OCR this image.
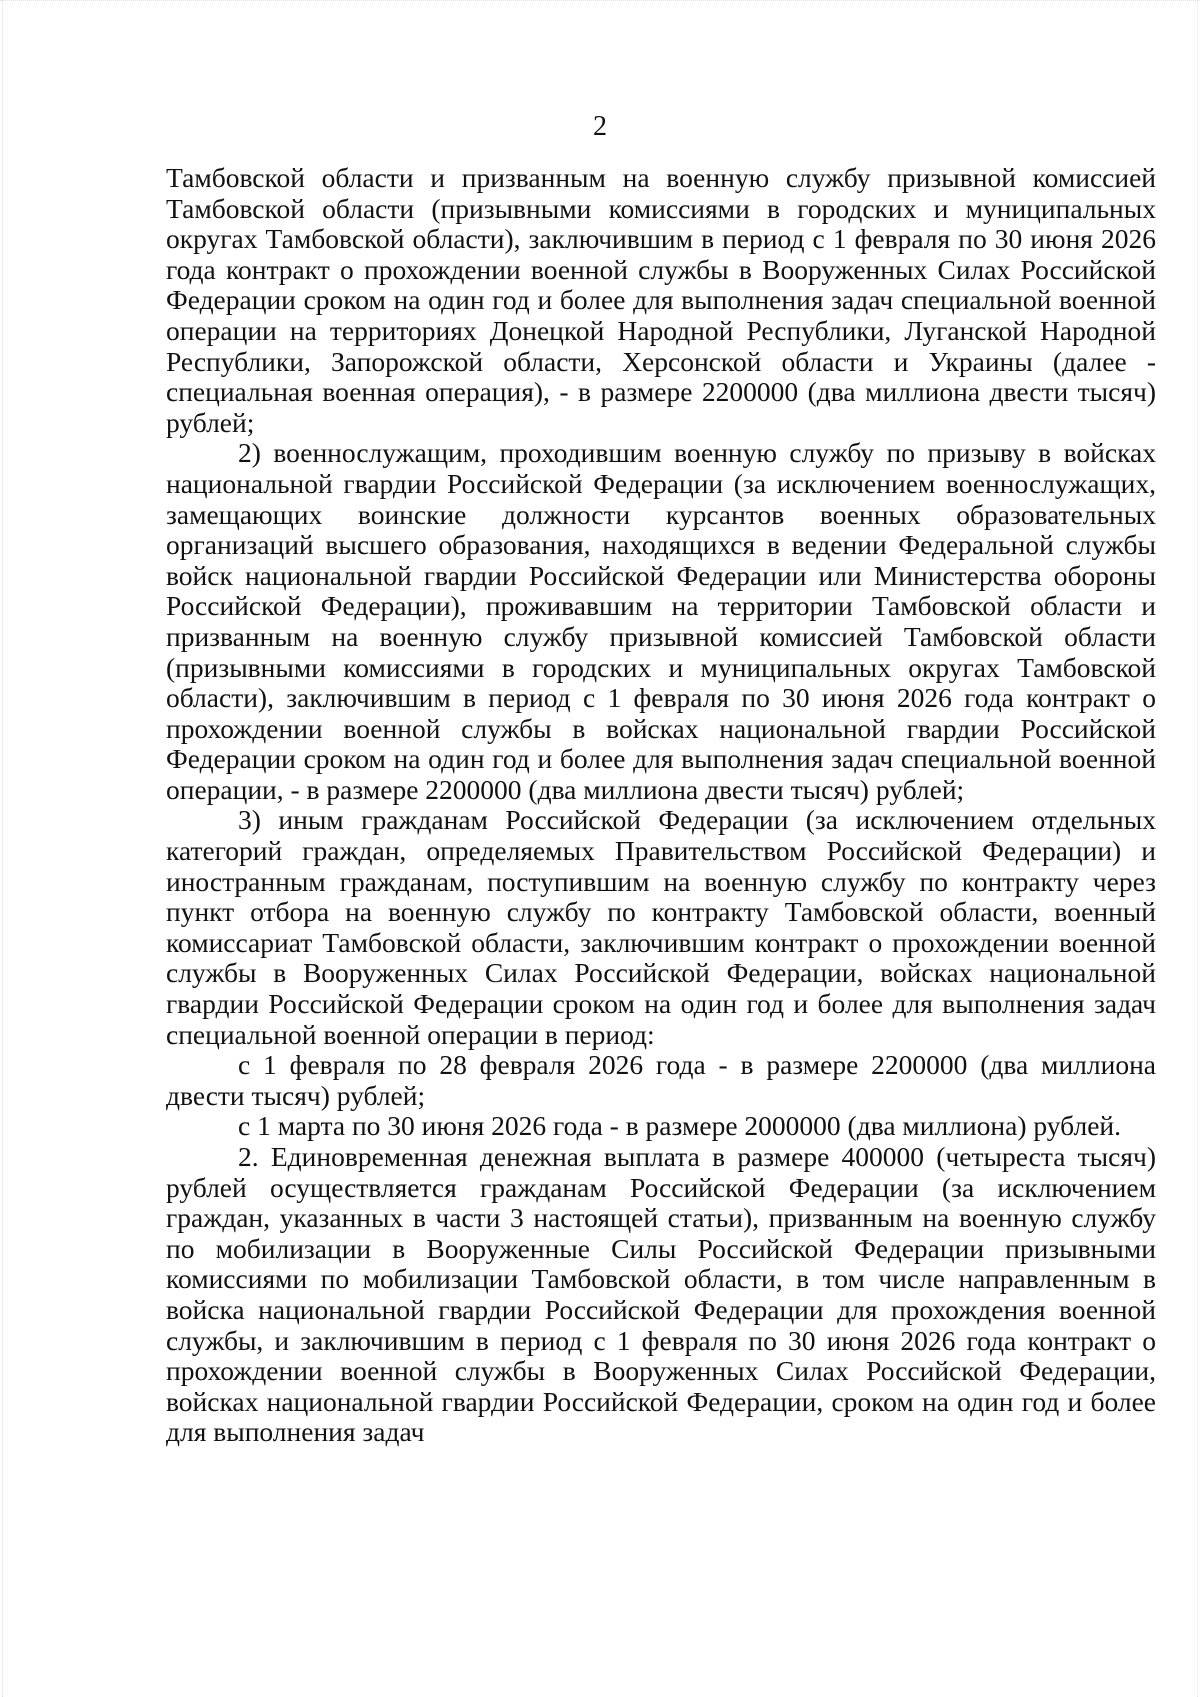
2

Тамбовской области и призванным на военную службу призывной комиссией Тамбовской области (призывными комиссиями в городских и муниципальных округах Тамбовской области), заключившим в период с 1 февраля по 30 июня 2026 года контракт о прохождении военной службы в Вооруженных Силах Российской Федерации сроком на один год и более для выполнения задач специальной военной операции на территориях Донецкой Народной Республики, Луганской Народной Республики, Запорожской области, Херсонской области и Украины (далее - специальная военная операция), - в размере 2200000 (два миллиона двести тысяч) рублей;

2) военнослужащим, проходившим военную службу по призыву в войсках национальной гвардии Российской Федерации (за исключением военнослужащих, замещающих воинские должности курсантов военных образовательных организаций высшего образования, находящихся в ведении Федеральной службы войск национальной гвардии Российской Федерации или Министерства обороны Российской Федерации), проживавшим на территории Тамбовской области и призванным на военную службу призывной комиссией Тамбовской области (призывными комиссиями в городских и муниципальных округах Тамбовской области), заключившим в период с 1 февраля по 30 июня 2026 года контракт о прохождении военной службы в войсках национальной гвардии Российской Федерации сроком на один год и более для выполнения задач специальной военной операции, - в размере 2200000 (два миллиона двести тысяч) рублей;

3) иным гражданам Российской Федерации (за исключением отдельных категорий граждан, определяемых Правительством Российской Федерации) и иностранным гражданам, поступившим на военную службу по контракту через пункт отбора на военную службу по контракту Тамбовской области, военный комиссариат Тамбовской области, заключившим контракт о прохождении военной службы в Вооруженных Силах Российской Федерации, войсках национальной гвардии Российской Федерации сроком на один год и более для выполнения задач специальной военной операции в период:

с 1 февраля по 28 февраля 2026 года - в размере 2200000 (два миллиона двести тысяч) рублей;

с 1 марта по 30 июня 2026 года - в размере 2000000 (два миллиона) рублей.

2. Единовременная денежная выплата в размере 400000 (четыреста тысяч) рублей осуществляется гражданам Российской Федерации (за исключением граждан, указанных в части 3 настоящей статьи), призванным на военную службу по мобилизации в Вооруженные Силы Российской Федерации призывными комиссиями по мобилизации Тамбовской области, в том числе направленным в войска национальной гвардии Российской Федерации для прохождения военной службы, и заключившим в период с 1 февраля по 30 июня 2026 года контракт о прохождении военной службы в Вооруженных Силах Российской Федерации, войсках национальной гвардии Российской Федерации, сроком на один год и более для выполнения задач
